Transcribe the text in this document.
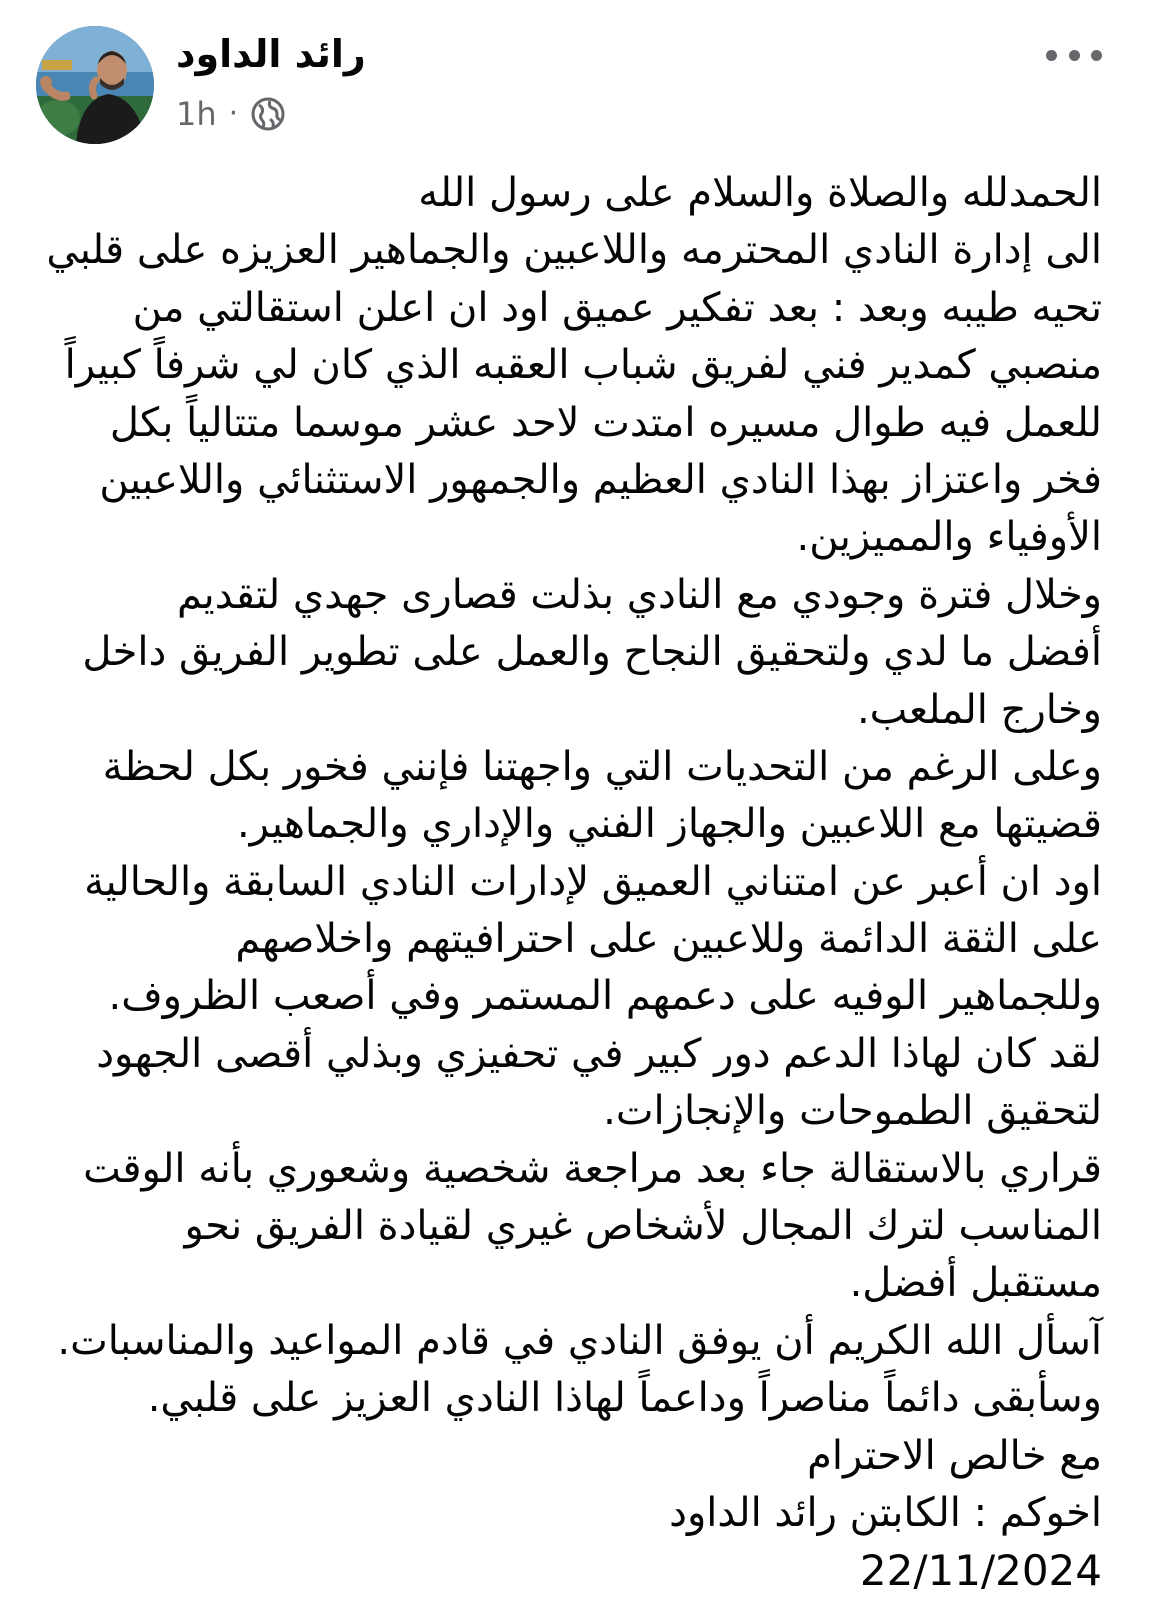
رائد الداود
1h ·
الحمدلله والصلاة والسلام على رسول الله
الى إدارة النادي المحترمه واللاعبين والجماهير العزيزه على قلبي
تحيه طيبه وبعد : بعد تفكير عميق اود ان اعلن استقالتي من
منصبي كمدير فني لفريق شباب العقبه الذي كان لي شرفاً كبيراً
للعمل فيه طوال مسيره امتدت لاحد عشر موسما متتالياً بكل
فخر واعتزاز بهذا النادي العظيم والجمهور الاستثنائي واللاعبين
الأوفياء والمميزين.
وخلال فترة وجودي مع النادي بذلت قصارى جهدي لتقديم
أفضل ما لدي ولتحقيق النجاح والعمل على تطوير الفريق داخل
وخارج الملعب.
وعلى الرغم من التحديات التي واجهتنا فإنني فخور بكل لحظة
قضيتها مع اللاعبين والجهاز الفني والإداري والجماهير.
اود ان أعبر عن امتناني العميق لإدارات النادي السابقة والحالية
على الثقة الدائمة وللاعبين على احترافيتهم واخلاصهم
وللجماهير الوفيه على دعمهم المستمر وفي أصعب الظروف.
لقد كان لهاذا الدعم دور كبير في تحفيزي وبذلي أقصى الجهود
لتحقيق الطموحات والإنجازات.
قراري بالاستقالة جاء بعد مراجعة شخصية وشعوري بأنه الوقت
المناسب لترك المجال لأشخاص غيري لقيادة الفريق نحو
مستقبل أفضل.
آسأل الله الكريم أن يوفق النادي في قادم المواعيد والمناسبات.
وسأبقى دائماً مناصراً وداعماً لهاذا النادي العزيز على قلبي.
مع خالص الاحترام
اخوكم : الكابتن رائد الداود
22/11/2024
